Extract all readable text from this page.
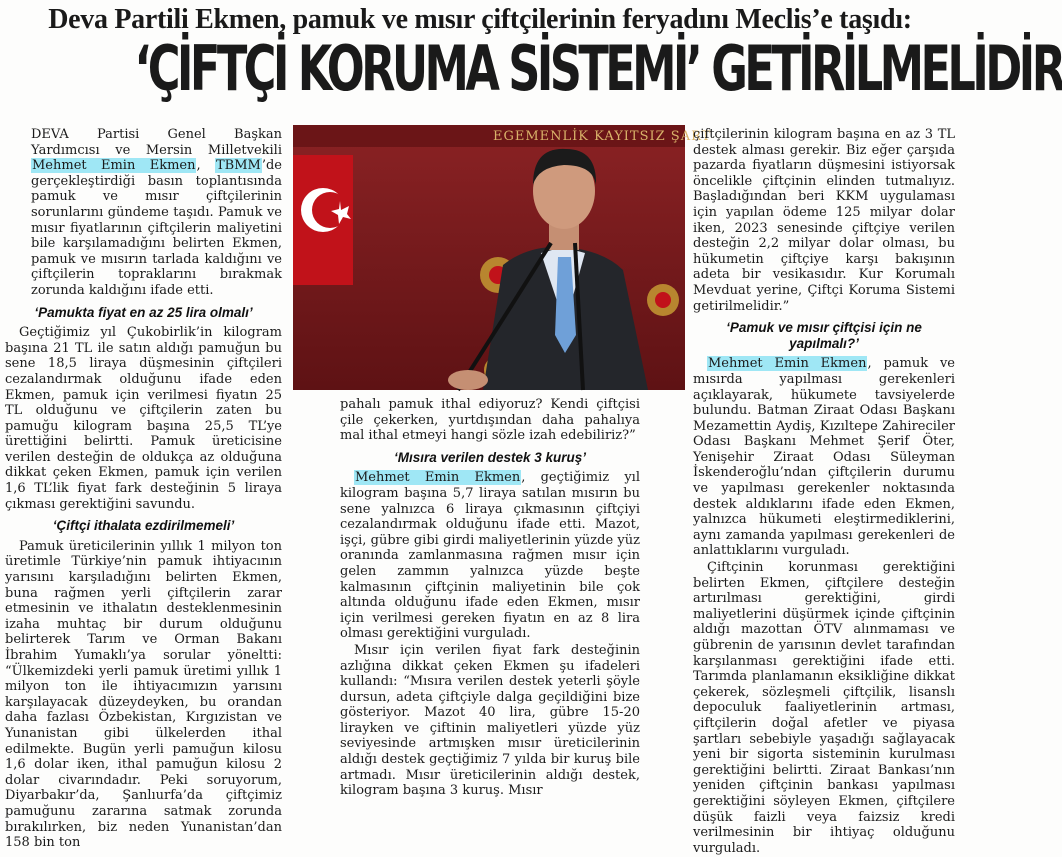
Deva Partili Ekmen, pamuk ve mısır çiftçilerinin feryadını Meclis’e taşıdı:
‘ÇİFTÇİ KORUMA SİSTEMİ’ GETİRİLMELİDİR

DEVA Partisi Genel Başkan Yardımcısı ve Mersin Milletvekili Mehmet Emin Ekmen, TBMM’de gerçekleştirdiği basın toplantısında pamuk ve mısır çiftçilerinin sorunlarını gündeme taşıdı. Pamuk ve mısır fiyatlarının çiftçilerin maliyetini bile karşılamadığını belirten Ekmen, pamuk ve mısırın tarlada kaldığını ve çiftçilerin topraklarını bırakmak zorunda kaldığını ifade etti.

‘Pamukta fiyat en az 25 lira olmalı’

Geçtiğimiz yıl Çukobirlik’in kilogram başına 21 TL ile satın aldığı pamuğun bu sene 18,5 liraya düşmesinin çiftçileri cezalandırmak olduğunu ifade eden Ekmen, pamuk için verilmesi fiyatın 25 TL olduğunu ve çiftçilerin zaten bu pamuğu kilogram başına 25,5 TL’ye ürettiğini belirtti. Pamuk üreticisine verilen desteğin de oldukça az olduğuna dikkat çeken Ekmen, pamuk için verilen 1,6 TL’lik fiyat fark desteğinin 5 liraya çıkması gerektiğini savundu.

‘Çiftçi ithalata ezdirilmemeli’

Pamuk üreticilerinin yıllık 1 milyon ton üretimle Türkiye’nin pamuk ihtiyacının yarısını karşıladığını belirten Ekmen, buna rağmen yerli çiftçilerin zarar etmesinin ve ithalatın desteklenmesinin izaha muhtaç bir durum olduğunu belirterek Tarım ve Orman Bakanı İbrahim Yumaklı’ya sorular yöneltti: “Ülkemizdeki yerli pamuk üretimi yıllık 1 milyon ton ile ihtiyacımızın yarısını karşılayacak düzeydeyken, bu orandan daha fazlası Özbekistan, Kırgızistan ve Yunanistan gibi ülkelerden ithal edilmekte. Bugün yerli pamuğun kilosu 1,6 dolar iken, ithal pamuğun kilosu 2 dolar civarındadır. Peki soruyorum, Diyarbakır’da, Şanlıurfa’da çiftçimiz pamuğunu zararına satmak zorunda bırakılırken, biz neden Yunanistan’dan 158 bin ton

EGEMENLİK KAYITSIZ ŞART

pahalı pamuk ithal ediyoruz? Kendi çiftçisi çile çekerken, yurtdışından daha pahalıya mal ithal etmeyi hangi sözle izah edebiliriz?”

‘Mısıra verilen destek 3 kuruş’

Mehmet Emin Ekmen, geçtiğimiz yıl kilogram başına 5,7 liraya satılan mısırın bu sene yalnızca 6 liraya çıkmasının çiftçiyi cezalandırmak olduğunu ifade etti. Mazot, işçi, gübre gibi girdi maliyetlerinin yüzde yüz oranında zamlanmasına rağmen mısır için gelen zammın yalnızca yüzde beşte kalmasının çiftçinin maliyetinin bile çok altında olduğunu ifade eden Ekmen, mısır için verilmesi gereken fiyatın en az 8 lira olması gerektiğini vurguladı.

Mısır için verilen fiyat fark desteğinin azlığına dikkat çeken Ekmen şu ifadeleri kullandı: “Mısıra verilen destek yeterli şöyle dursun, adeta çiftçiyle dalga geçildiğini bize gösteriyor. Mazot 40 lira, gübre 15-20 lirayken ve çiftinin maliyetleri yüzde yüz seviyesinde artmışken mısır üreticilerinin aldığı destek geçtiğimiz 7 yılda bir kuruş bile artmadı. Mısır üreticilerinin aldığı destek, kilogram başına 3 kuruş. Mısır

çiftçilerinin kilogram başına en az 3 TL destek alması gerekir. Biz eğer çarşıda pazarda fiyatların düşmesini istiyorsak öncelikle çiftçinin elinden tutmalıyız. Başladığından beri KKM uygulaması için yapılan ödeme 125 milyar dolar iken, 2023 senesinde çiftçiye verilen desteğin 2,2 milyar dolar olması, bu hükumetin çiftçiye karşı bakışının adeta bir vesikasıdır. Kur Korumalı Mevduat yerine, Çiftçi Koruma Sistemi getirilmelidir.”

‘Pamuk ve mısır çiftçisi için ne yapılmalı?’

Mehmet Emin Ekmen, pamuk ve mısırda yapılması gerekenleri açıklayarak, hükumete tavsiyelerde bulundu. Batman Ziraat Odası Başkanı Mezamettin Aydiş, Kızıltepe Zahireciler Odası Başkanı Mehmet Şerif Öter, Yenişehir Ziraat Odası Süleyman İskenderoğlu’ndan çiftçilerin durumu ve yapılması gerekenler noktasında destek aldıklarını ifade eden Ekmen, yalnızca hükumeti eleştirmediklerini, aynı zamanda yapılması gerekenleri de anlattıklarını vurguladı.

Çiftçinin korunması gerektiğini belirten Ekmen, çiftçilere desteğin artırılması gerektiğini, girdi maliyetlerini düşürmek içinde çiftçinin aldığı mazottan ÖTV alınmaması ve gübrenin de yarısının devlet tarafından karşılanması gerektiğini ifade etti. Tarımda planlamanın eksikliğine dikkat çekerek, sözleşmeli çiftçilik, lisanslı depoculuk faaliyetlerinin artması, çiftçilerin doğal afetler ve piyasa şartları sebebiyle yaşadığı sağlayacak yeni bir sigorta sisteminin kurulması gerektiğini belirtti. Ziraat Bankası’nın yeniden çiftçinin bankası yapılması gerektiğini söyleyen Ekmen, çiftçilere düşük faizli veya faizsiz kredi verilmesinin bir ihtiyaç olduğunu vurguladı.
